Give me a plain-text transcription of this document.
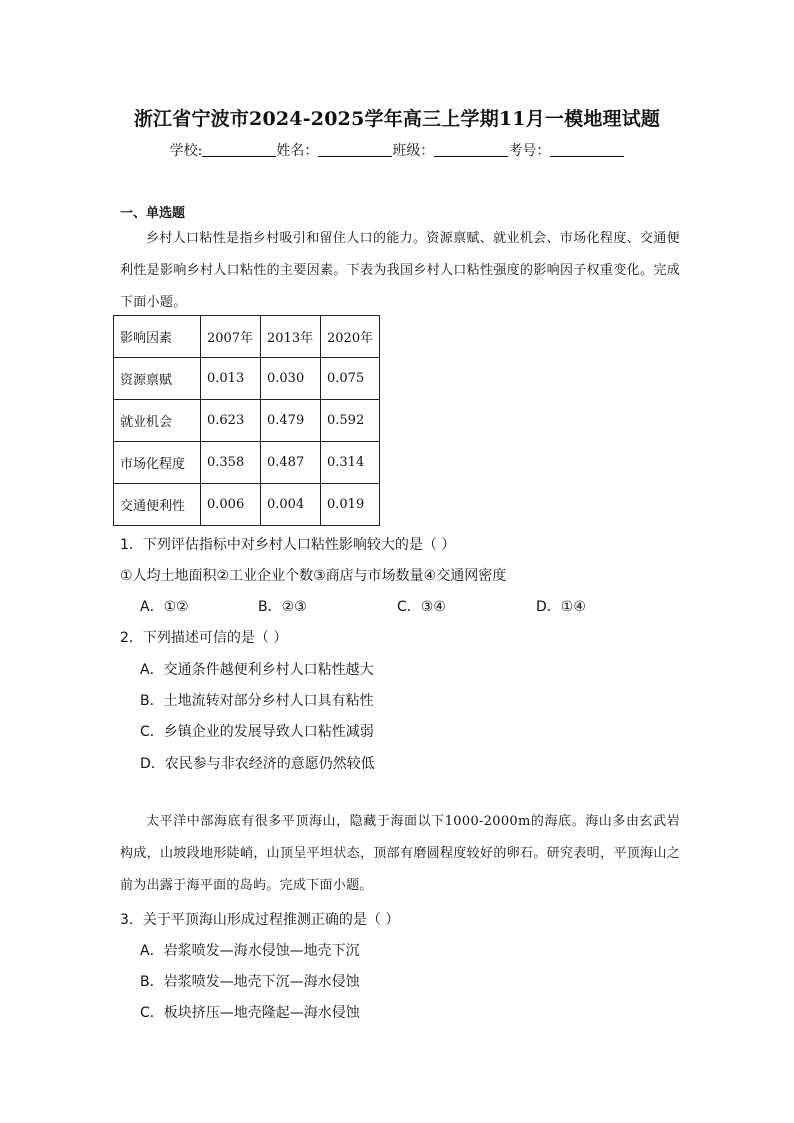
浙江省宁波市2024-2025学年高三上学期11月一模地理试题
学校:	姓名：	班级：	考号：
一、单选题
乡村人口粘性是指乡村吸引和留住人口的能力。资源禀赋、就业机会、市场化程度、交通便利性是影响乡村人口粘性的主要因素。下表为我国乡村人口粘性强度的影响因子权重变化。完成下面小题。
影响因素	2007年	2013年	2020年
资源禀赋	0.013	0.030	0.075
就业机会	0.623	0.479	0.592
市场化程度	0.358	0.487	0.314
交通便利性	0.006	0.004	0.019
1．下列评估指标中对乡村人口粘性影响较大的是（ ）
①人均土地面积②工业企业个数③商店与市场数量④交通网密度
A．①②	B．②③	C．③④	D．①④
2．下列描述可信的是（ ）
A．交通条件越便利乡村人口粘性越大
B．土地流转对部分乡村人口具有粘性
C．乡镇企业的发展导致人口粘性减弱
D．农民参与非农经济的意愿仍然较低
太平洋中部海底有很多平顶海山，隐藏于海面以下1000-2000m的海底。海山多由玄武岩构成，山坡段地形陡峭，山顶呈平坦状态，顶部有磨圆程度较好的卵石。研究表明，平顶海山之前为出露于海平面的岛屿。完成下面小题。
3．关于平顶海山形成过程推测正确的是（ ）
A．岩浆喷发—海水侵蚀—地壳下沉
B．岩浆喷发—地壳下沉—海水侵蚀
C．板块挤压—地壳隆起—海水侵蚀
